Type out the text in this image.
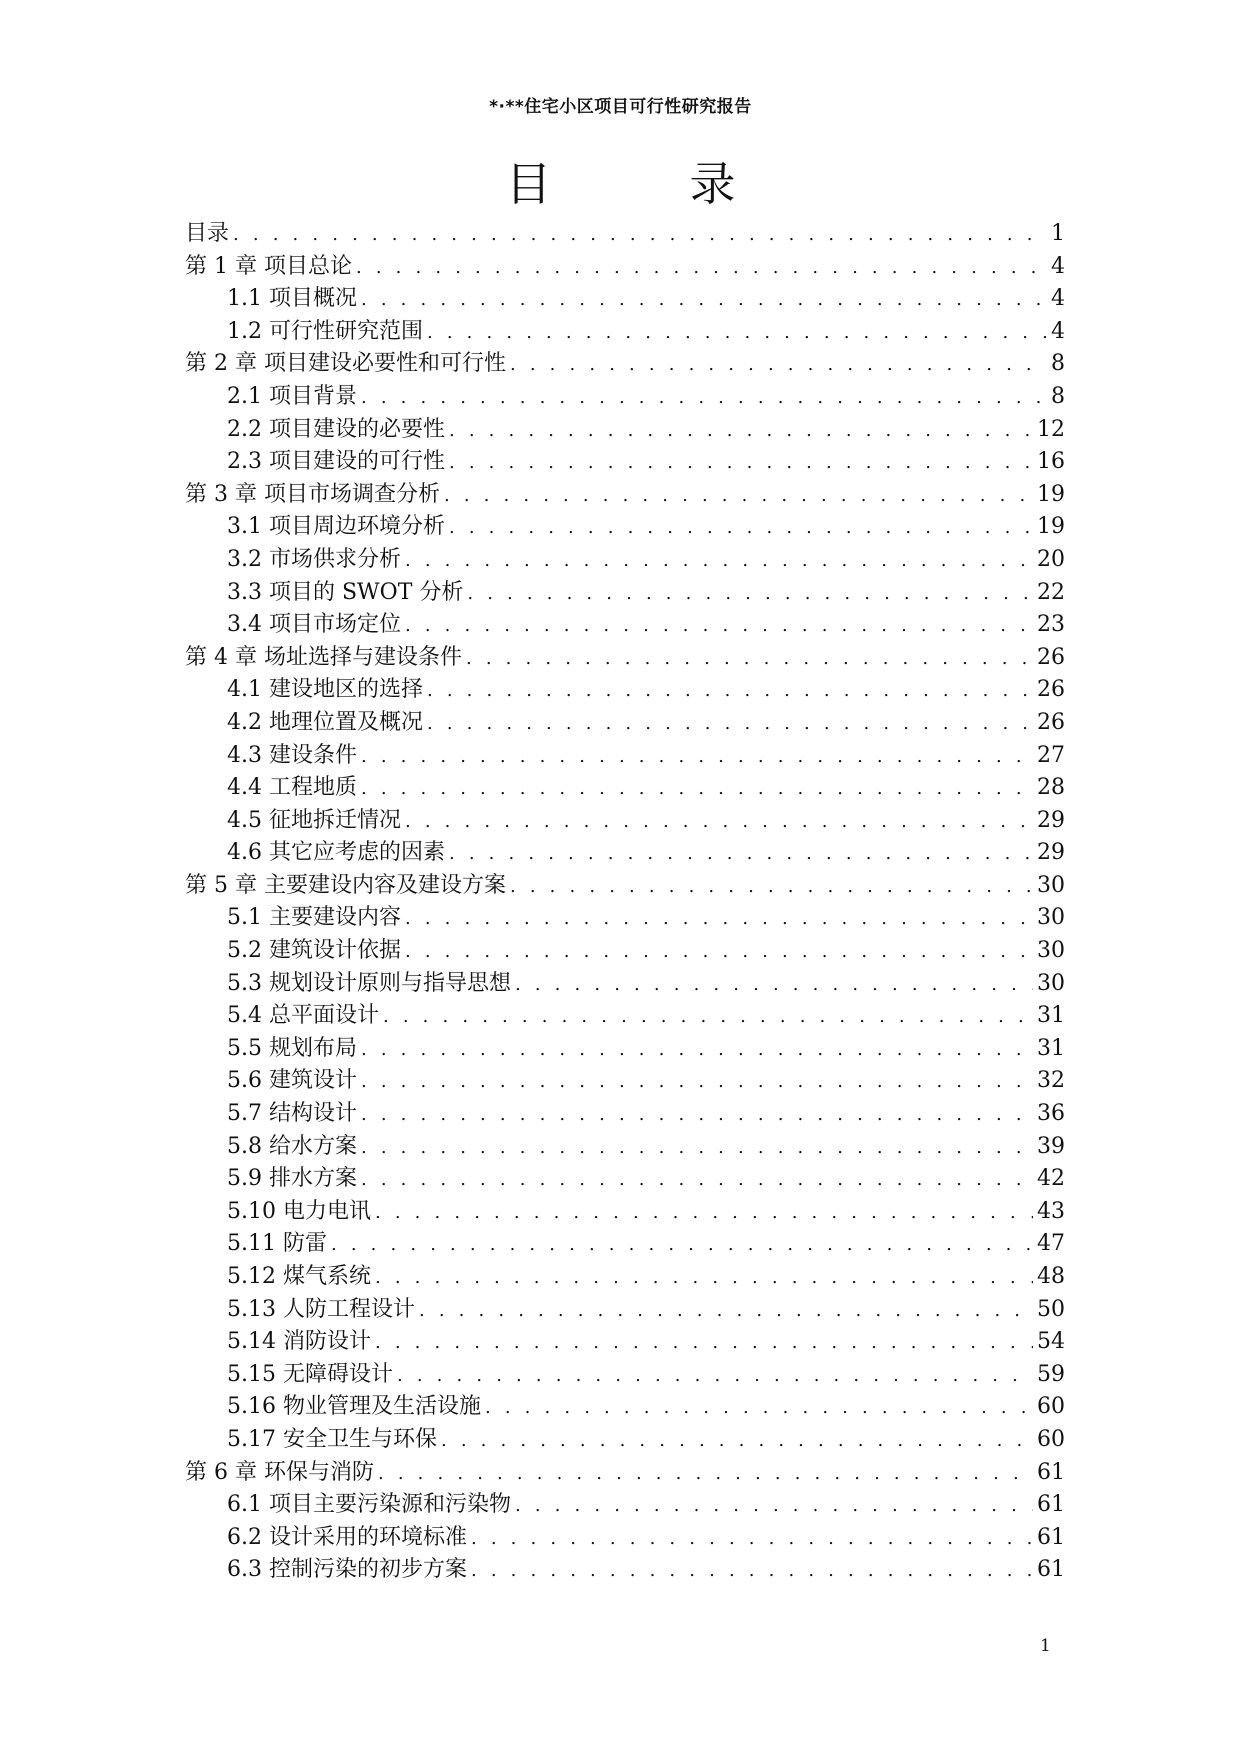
*·**住宅小区项目可行性研究报告
目　　　录
目录 . . .	1
第 1 章 项目总论 . . .	4
1.1 项目概况 . . .	4
1.2 可行性研究范围 . . .	4
第 2 章 项目建设必要性和可行性 . . .	8
2.1 项目背景 . . .	8
2.2 项目建设的必要性 . . .	12
2.3 项目建设的可行性 . . .	16
第 3 章 项目市场调查分析 . . .	19
3.1 项目周边环境分析 . . .	19
3.2 市场供求分析 . . .	20
3.3 项目的 SWOT 分析 . . .	22
3.4 项目市场定位 . . .	23
第 4 章 场址选择与建设条件 . . .	26
4.1 建设地区的选择 . . .	26
4.2 地理位置及概况 . . .	26
4.3 建设条件 . . .	27
4.4 工程地质 . . .	28
4.5 征地拆迁情况 . . .	29
4.6 其它应考虑的因素 . . .	29
第 5 章 主要建设内容及建设方案 . . .	30
5.1 主要建设内容 . . .	30
5.2 建筑设计依据 . . .	30
5.3 规划设计原则与指导思想 . . .	30
5.4 总平面设计 . . .	31
5.5 规划布局 . . .	31
5.6 建筑设计 . . .	32
5.7 结构设计 . . .	36
5.8 给水方案 . . .	39
5.9 排水方案 . . .	42
5.10 电力电讯 . . .	43
5.11 防雷 . . .	47
5.12 煤气系统 . . .	48
5.13 人防工程设计 . . .	50
5.14 消防设计 . . .	54
5.15 无障碍设计 . . .	59
5.16 物业管理及生活设施 . . .	60
5.17 安全卫生与环保 . . .	60
第 6 章 环保与消防 . . .	61
6.1 项目主要污染源和污染物 . . .	61
6.2 设计采用的环境标准 . . .	61
6.3 控制污染的初步方案 . . .	61
1
